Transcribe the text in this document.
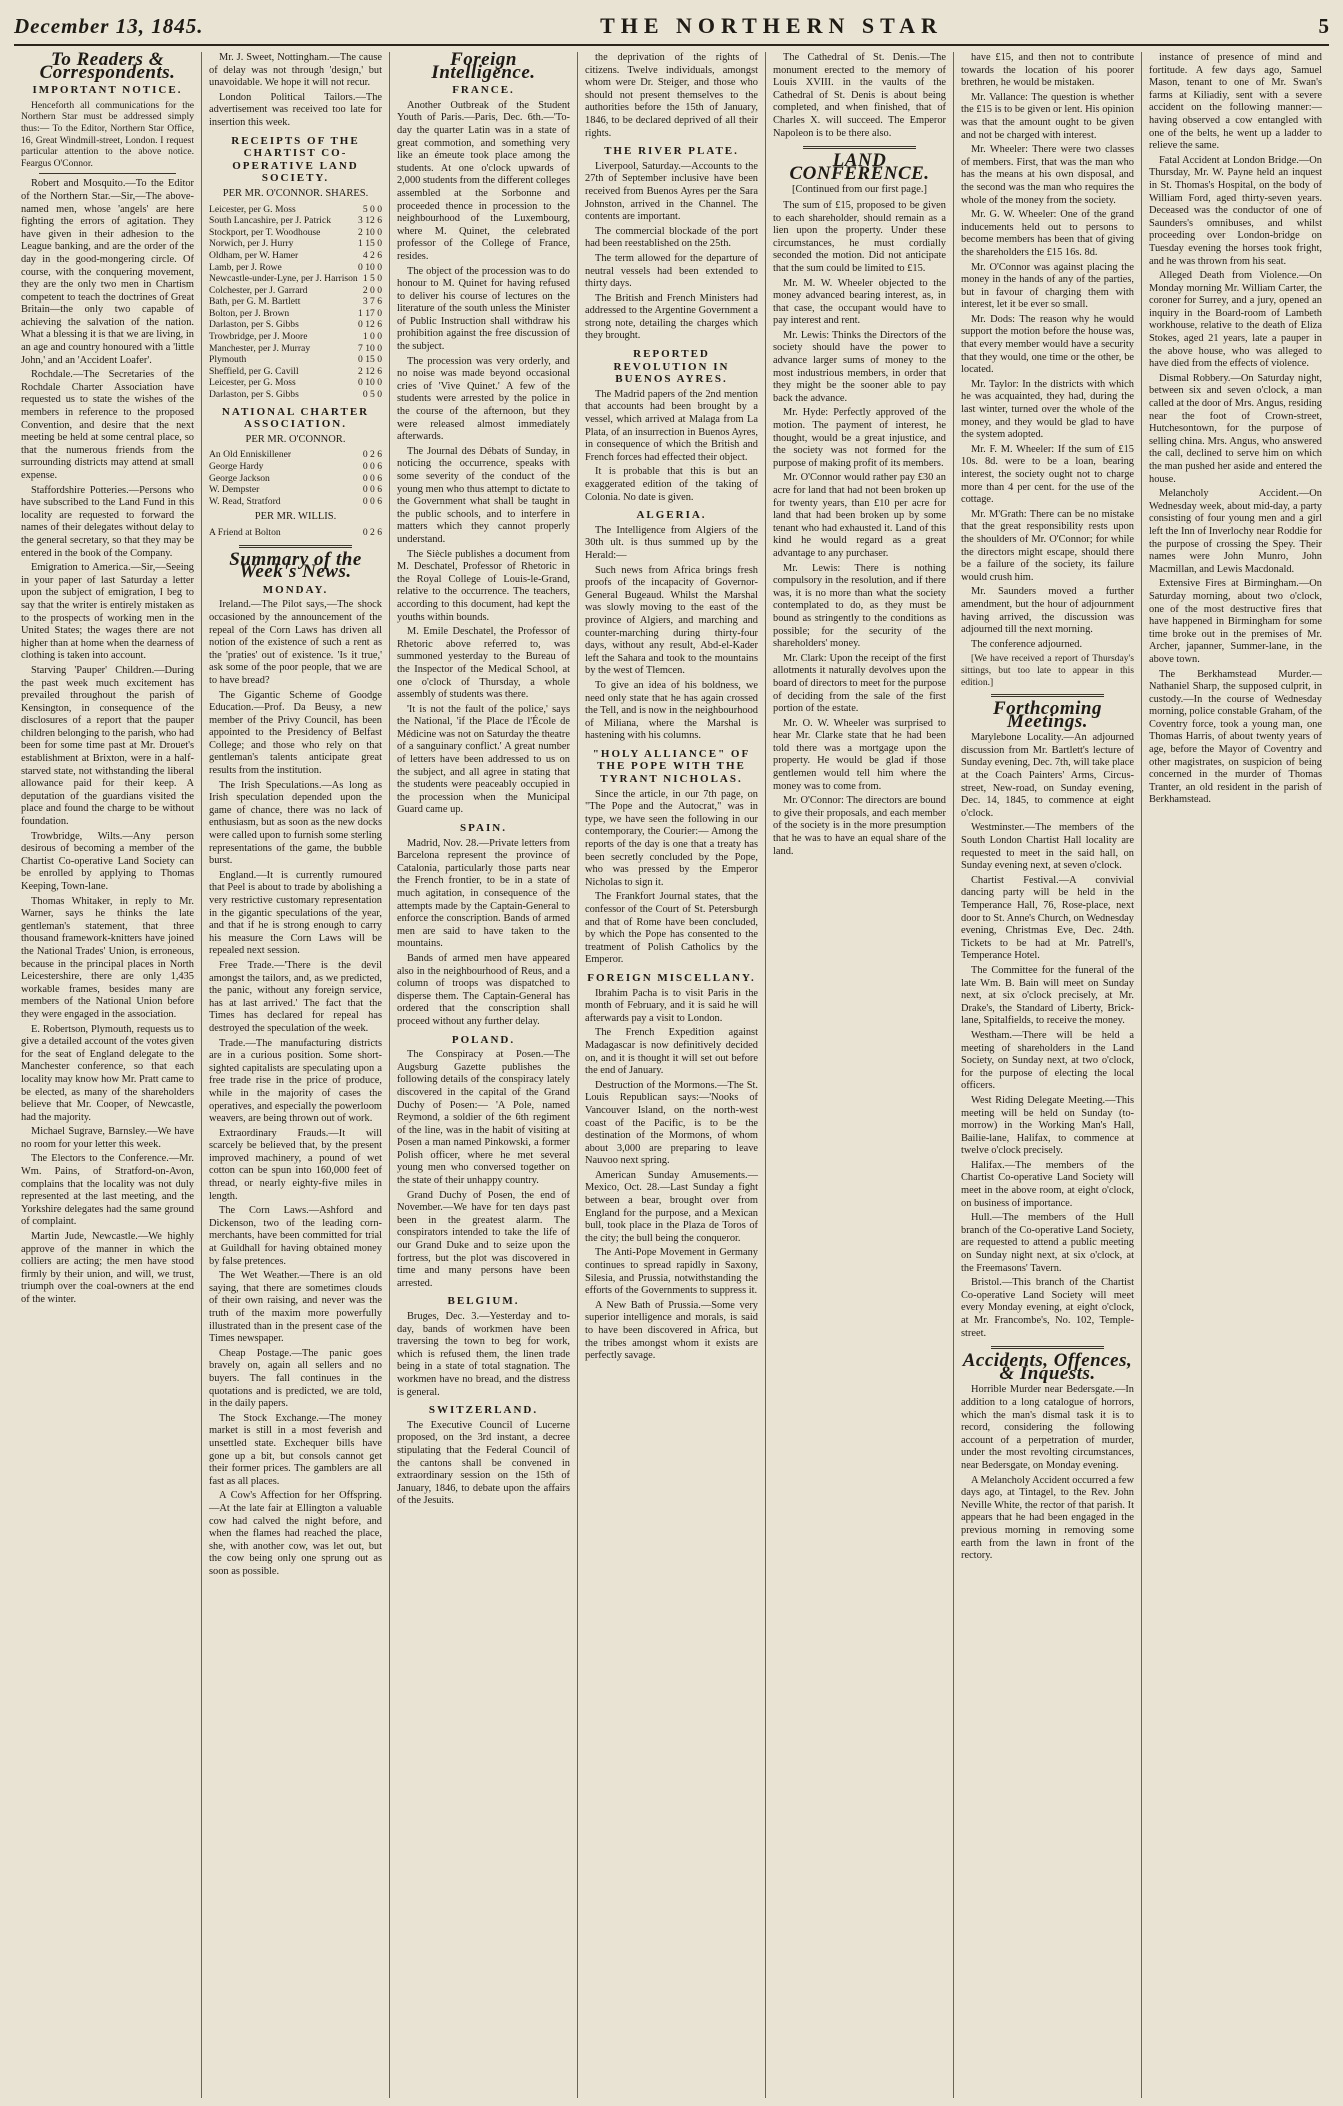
December 13, 1845.	THE NORTHERN STAR	5
To Readers & Correspondents.
IMPORTANT NOTICE.

Henceforth all communications for the Northern Star must be addressed simply thus:— To the Editor, Northern Star Office, 16, Great Windmill-street, London. I request particular attention to the above notice. Feargus O'Connor.

Robert and Mosquito.—To the Editor of the Northern Star.—Sir,—The above-named men, whose 'angels' are here fighting the errors of agitation. They have given in their adhesion to the League banking, and are the order of the day in the good-mongering circle. Of course, with the conquering movement, they are the only two men in Chartism competent to teach the doctrines of Great Britain—the only two capable of achieving the salvation of the nation. What a blessing it is that we are living, in an age and country honoured with a 'little John,' and an 'Accident Loafer'.

Rochdale.—The Secretaries of the Rochdale Charter Association have requested us to state the wishes of the members in reference to the proposed Convention, and desire that the next meeting be held at some central place, so that the numerous friends from the surrounding districts may attend at small expense.

Staffordshire Potteries.—Persons who have subscribed to the Land Fund in this locality are requested to forward the names of their delegates without delay to the general secretary, so that they may be entered in the book of the Company.

Emigration to America.—Sir,—Seeing in your paper of last Saturday a letter upon the subject of emigration, I beg to say that the writer is entirely mistaken as to the prospects of working men in the United States; the wages there are not higher than at home when the dearness of clothing is taken into account.

Starving 'Pauper' Children.—During the past week much excitement has prevailed throughout the parish of Kensington, in consequence of the disclosures of a report that the pauper children belonging to the parish, who had been for some time past at Mr. Drouet's establishment at Brixton, were in a half-starved state, not withstanding the liberal allowance paid for their keep. A deputation of the guardians visited the place and found the charge to be without foundation.

Trowbridge, Wilts.—Any person desirous of becoming a member of the Chartist Co-operative Land Society can be enrolled by applying to Thomas Keeping, Town-lane.

Thomas Whitaker, in reply to Mr. Warner, says he thinks the late gentleman's statement, that three thousand framework-knitters have joined the National Trades' Union, is erroneous, because in the principal places in North Leicestershire, there are only 1,435 workable frames, besides many are members of the National Union before they were engaged in the association.

E. Robertson, Plymouth, requests us to give a detailed account of the votes given for the seat of England delegate to the Manchester conference, so that each locality may know how Mr. Pratt came to be elected, as many of the shareholders believe that Mr. Cooper, of Newcastle, had the majority.

Michael Sugrave, Barnsley.—We have no room for your letter this week.

The Electors to the Conference.—Mr. Wm. Pains, of Stratford-on-Avon, complains that the locality was not duly represented at the last meeting, and the Yorkshire delegates had the same ground of complaint.

Martin Jude, Newcastle.—We highly approve of the manner in which the colliers are acting; the men have stood firmly by their union, and will, we trust, triumph over the coal-owners at the end of the winter.

Mr. J. Sweet, Nottingham.—The cause of delay was not through 'design,' but unavoidable. We hope it will not recur.

London Political Tailors.—The advertisement was received too late for insertion this week.

RECEIPTS OF THE CHARTIST CO-OPERATIVE LAND SOCIETY.
PER MR. O'CONNOR. SHARES.
Leicester, per G. Moss	5 0 0
South Lancashire, per J. Patrick	3 12 6
Stockport, per T. Woodhouse	2 10 0
Norwich, per J. Hurry	1 15 0
Oldham, per W. Hamer	4 2 6
Lamb, per J. Rowe	0 10 0
Newcastle-under-Lyne, per J. Harrison	1 5 0
Colchester, per J. Garrard	2 0 0
Bath, per G. M. Bartlett	3 7 6
Bolton, per J. Brown	1 17 0
Darlaston, per S. Gibbs	0 12 6
Trowbridge, per J. Moore	1 0 0
Manchester, per J. Murray	7 10 0
Plymouth	0 15 0
Sheffield, per G. Cavill	2 12 6
Leicester, per G. Moss	0 10 0
Darlaston, per S. Gibbs	0 5 0
NATIONAL CHARTER ASSOCIATION.
PER MR. O'CONNOR.
An Old Enniskillener	0 2 6
George Hardy	0 0 6
George Jackson	0 0 6
W. Dempster	0 0 6
W. Read, Stratford	0 0 6
PER MR. WILLIS.
A Friend at Bolton	0 2 6
Summary of the Week's News.
MONDAY.

Ireland.—The Pilot says,—The shock occasioned by the announcement of the repeal of the Corn Laws has driven all notion of the existence of such a rent as the 'praties' out of existence. 'Is it true,' ask some of the poor people, that we are to have bread?

The Gigantic Scheme of Goodge Education.—Prof. Da Beusy, a new member of the Privy Council, has been appointed to the Presidency of Belfast College; and those who rely on that gentleman's talents anticipate great results from the institution.

The Irish Speculations.—As long as Irish speculation depended upon the game of chance, there was no lack of enthusiasm, but as soon as the new docks were called upon to furnish some sterling representations of the game, the bubble burst.

England.—It is currently rumoured that Peel is about to trade by abolishing a very restrictive customary representation in the gigantic speculations of the year, and that if he is strong enough to carry his measure the Corn Laws will be repealed next session.

Free Trade.—'There is the devil amongst the tailors, and, as we predicted, the panic, without any foreign service, has at last arrived.' The fact that the Times has declared for repeal has destroyed the speculation of the week.

Trade.—The manufacturing districts are in a curious position. Some short-sighted capitalists are speculating upon a free trade rise in the price of produce, while in the majority of cases the operatives, and especially the powerloom weavers, are being thrown out of work.

Extraordinary Frauds.—It will scarcely be believed that, by the present improved machinery, a pound of wet cotton can be spun into 160,000 feet of thread, or nearly eighty-five miles in length.

The Corn Laws.—Ashford and Dickenson, two of the leading corn-merchants, have been committed for trial at Guildhall for having obtained money by false pretences.

The Wet Weather.—There is an old saying, that there are sometimes clouds of their own raising, and never was the truth of the maxim more powerfully illustrated than in the present case of the Times newspaper.

Cheap Postage.—The panic goes bravely on, again all sellers and no buyers. The fall continues in the quotations and is predicted, we are told, in the daily papers.

The Stock Exchange.—The money market is still in a most feverish and unsettled state. Exchequer bills have gone up a bit, but consols cannot get their former prices. The gamblers are all fast as all places.

A Cow's Affection for her Offspring.—At the late fair at Ellington a valuable cow had calved the night before, and when the flames had reached the place, she, with another cow, was let out, but the cow being only one sprung out as soon as possible.

Foreign Intelligence.
FRANCE.

Another Outbreak of the Student Youth of Paris.—Paris, Dec. 6th.—'To-day the quarter Latin was in a state of great commotion, and something very like an émeute took place among the students. At one o'clock upwards of 2,000 students from the different colleges assembled at the Sorbonne and proceeded thence in procession to the neighbourhood of the Luxembourg, where M. Quinet, the celebrated professor of the College of France, resides.

The object of the procession was to do honour to M. Quinet for having refused to deliver his course of lectures on the literature of the south unless the Minister of Public Instruction shall withdraw his prohibition against the free discussion of the subject.

The procession was very orderly, and no noise was made beyond occasional cries of 'Vive Quinet.' A few of the students were arrested by the police in the course of the afternoon, but they were released almost immediately afterwards.

The Journal des Débats of Sunday, in noticing the occurrence, speaks with some severity of the conduct of the young men who thus attempt to dictate to the Government what shall be taught in the public schools, and to interfere in matters which they cannot properly understand.

The Siècle publishes a document from M. Deschatel, Professor of Rhetoric in the Royal College of Louis-le-Grand, relative to the occurrence. The teachers, according to this document, had kept the youths within bounds.

M. Emile Deschatel, the Professor of Rhetoric above referred to, was summoned yesterday to the Bureau of the Inspector of the Medical School, at one o'clock of Thursday, a whole assembly of students was there.

'It is not the fault of the police,' says the National, 'if the Place de l'École de Médicine was not on Saturday the theatre of a sanguinary conflict.' A great number of letters have been addressed to us on the subject, and all agree in stating that the students were peaceably occupied in the procession when the Municipal Guard came up.

SPAIN.

Madrid, Nov. 28.—Private letters from Barcelona represent the province of Catalonia, particularly those parts near the French frontier, to be in a state of much agitation, in consequence of the attempts made by the Captain-General to enforce the conscription. Bands of armed men are said to have taken to the mountains.

Bands of armed men have appeared also in the neighbourhood of Reus, and a column of troops was dispatched to disperse them. The Captain-General has ordered that the conscription shall proceed without any further delay.

POLAND.

The Conspiracy at Posen.—The Augsburg Gazette publishes the following details of the conspiracy lately discovered in the capital of the Grand Duchy of Posen:— 'A Pole, named Reymond, a soldier of the 6th regiment of the line, was in the habit of visiting at Posen a man named Pinkowski, a former Polish officer, where he met several young men who conversed together on the state of their unhappy country.

Grand Duchy of Posen, the end of November.—We have for ten days past been in the greatest alarm. The conspirators intended to take the life of our Grand Duke and to seize upon the fortress, but the plot was discovered in time and many persons have been arrested.

BELGIUM.

Bruges, Dec. 3.—Yesterday and to-day, bands of workmen have been traversing the town to beg for work, which is refused them, the linen trade being in a state of total stagnation. The workmen have no bread, and the distress is general.

SWITZERLAND.

The Executive Council of Lucerne proposed, on the 3rd instant, a decree stipulating that the Federal Council of the cantons shall be convened in extraordinary session on the 15th of January, 1846, to debate upon the affairs of the Jesuits.

the deprivation of the rights of citizens. Twelve individuals, amongst whom were Dr. Steiger, and those who should not present themselves to the authorities before the 15th of January, 1846, to be declared deprived of all their rights.

THE RIVER PLATE.

Liverpool, Saturday.—Accounts to the 27th of September inclusive have been received from Buenos Ayres per the Sara Johnston, arrived in the Channel. The contents are important.

The commercial blockade of the port had been reestablished on the 25th.

The term allowed for the departure of neutral vessels had been extended to thirty days.

The British and French Ministers had addressed to the Argentine Government a strong note, detailing the charges which they brought.

REPORTED REVOLUTION IN BUENOS AYRES.

The Madrid papers of the 2nd mention that accounts had been brought by a vessel, which arrived at Malaga from La Plata, of an insurrection in Buenos Ayres, in consequence of which the British and French forces had effected their object.

It is probable that this is but an exaggerated edition of the taking of Colonia. No date is given.

ALGERIA.

The Intelligence from Algiers of the 30th ult. is thus summed up by the Herald:—

Such news from Africa brings fresh proofs of the incapacity of Governor-General Bugeaud. Whilst the Marshal was slowly moving to the east of the province of Algiers, and marching and counter-marching during thirty-four days, without any result, Abd-el-Kader left the Sahara and took to the mountains by the west of Tlemcen.

To give an idea of his boldness, we need only state that he has again crossed the Tell, and is now in the neighbourhood of Miliana, where the Marshal is hastening with his columns.

"HOLY ALLIANCE" OF THE POPE WITH THE TYRANT NICHOLAS.

Since the article, in our 7th page, on "The Pope and the Autocrat," was in type, we have seen the following in our contemporary, the Courier:— Among the reports of the day is one that a treaty has been secretly concluded by the Pope, who was pressed by the Emperor Nicholas to sign it.

The Frankfort Journal states, that the confessor of the Court of St. Petersburgh and that of Rome have been concluded, by which the Pope has consented to the treatment of Polish Catholics by the Emperor.

FOREIGN MISCELLANY.

Ibrahim Pacha is to visit Paris in the month of February, and it is said he will afterwards pay a visit to London.

The French Expedition against Madagascar is now definitively decided on, and it is thought it will set out before the end of January.

Destruction of the Mormons.—The St. Louis Republican says:—'Nooks of Vancouver Island, on the north-west coast of the Pacific, is to be the destination of the Mormons, of whom about 3,000 are preparing to leave Nauvoo next spring.

American Sunday Amusements.—Mexico, Oct. 28.—Last Sunday a fight between a bear, brought over from England for the purpose, and a Mexican bull, took place in the Plaza de Toros of the city; the bull being the conqueror.

The Anti-Pope Movement in Germany continues to spread rapidly in Saxony, Silesia, and Prussia, notwithstanding the efforts of the Governments to suppress it.

A New Bath of Prussia.—Some very superior intelligence and morals, is said to have been discovered in Africa, but the tribes amongst whom it exists are perfectly savage.

The Cathedral of St. Denis.—The monument erected to the memory of Louis XVIII. in the vaults of the Cathedral of St. Denis is about being completed, and when finished, that of Charles X. will succeed. The Emperor Napoleon is to be there also.

LAND CONFERENCE.
[Continued from our first page.]

The sum of £15, proposed to be given to each shareholder, should remain as a lien upon the property. Under these circumstances, he must cordially seconded the motion. Did not anticipate that the sum could be limited to £15.

Mr. M. W. Wheeler objected to the money advanced bearing interest, as, in that case, the occupant would have to pay interest and rent.

Mr. Lewis: Thinks the Directors of the society should have the power to advance larger sums of money to the most industrious members, in order that they might be the sooner able to pay back the advance.

Mr. Hyde: Perfectly approved of the motion. The payment of interest, he thought, would be a great injustice, and the society was not formed for the purpose of making profit of its members.

Mr. O'Connor would rather pay £30 an acre for land that had not been broken up for twenty years, than £10 per acre for land that had been broken up by some tenant who had exhausted it. Land of this kind he would regard as a great advantage to any purchaser.

Mr. Lewis: There is nothing compulsory in the resolution, and if there was, it is no more than what the society contemplated to do, as they must be bound as stringently to the conditions as possible; for the security of the shareholders' money.

Mr. Clark: Upon the receipt of the first allotments it naturally devolves upon the board of directors to meet for the purpose of deciding from the sale of the first portion of the estate.

Mr. O. W. Wheeler was surprised to hear Mr. Clarke state that he had been told there was a mortgage upon the property. He would be glad if those gentlemen would tell him where the money was to come from.

Mr. O'Connor: The directors are bound to give their proposals, and each member of the society is in the more presumption that he was to have an equal share of the land.

have £15, and then not to contribute towards the location of his poorer brethren, he would be mistaken.

Mr. Vallance: The question is whether the £15 is to be given or lent. His opinion was that the amount ought to be given and not be charged with interest.

Mr. Wheeler: There were two classes of members. First, that was the man who has the means at his own disposal, and the second was the man who requires the whole of the money from the society.

Mr. G. W. Wheeler: One of the grand inducements held out to persons to become members has been that of giving the shareholders the £15 16s. 8d.

Mr. O'Connor was against placing the money in the hands of any of the parties, but in favour of charging them with interest, let it be ever so small.

Mr. Dods: The reason why he would support the motion before the house was, that every member would have a security that they would, one time or the other, be located.

Mr. Taylor: In the districts with which he was acquainted, they had, during the last winter, turned over the whole of the money, and they would be glad to have the system adopted.

Mr. F. M. Wheeler: If the sum of £15 10s. 8d. were to be a loan, bearing interest, the society ought not to charge more than 4 per cent. for the use of the cottage.

Mr. M'Grath: There can be no mistake that the great responsibility rests upon the shoulders of Mr. O'Connor; for while the directors might escape, should there be a failure of the society, its failure would crush him.

Mr. Saunders moved a further amendment, but the hour of adjournment having arrived, the discussion was adjourned till the next morning.

The conference adjourned.

[We have received a report of Thursday's sittings, but too late to appear in this edition.]

Forthcoming Meetings.

Marylebone Locality.—An adjourned discussion from Mr. Bartlett's lecture of Sunday evening, Dec. 7th, will take place at the Coach Painters' Arms, Circus-street, New-road, on Sunday evening, Dec. 14, 1845, to commence at eight o'clock.

Westminster.—The members of the South London Chartist Hall locality are requested to meet in the said hall, on Sunday evening next, at seven o'clock.

Chartist Festival.—A convivial dancing party will be held in the Temperance Hall, 76, Rose-place, next door to St. Anne's Church, on Wednesday evening, Christmas Eve, Dec. 24th. Tickets to be had at Mr. Patrell's, Temperance Hotel.

The Committee for the funeral of the late Wm. B. Bain will meet on Sunday next, at six o'clock precisely, at Mr. Drake's, the Standard of Liberty, Brick-lane, Spitalfields, to receive the money.

Westham.—There will be held a meeting of shareholders in the Land Society, on Sunday next, at two o'clock, for the purpose of electing the local officers.

West Riding Delegate Meeting.—This meeting will be held on Sunday (to-morrow) in the Working Man's Hall, Bailie-lane, Halifax, to commence at twelve o'clock precisely.

Halifax.—The members of the Chartist Co-operative Land Society will meet in the above room, at eight o'clock, on business of importance.

Hull.—The members of the Hull branch of the Co-operative Land Society, are requested to attend a public meeting on Sunday night next, at six o'clock, at the Freemasons' Tavern.

Bristol.—This branch of the Chartist Co-operative Land Society will meet every Monday evening, at eight o'clock, at Mr. Francombe's, No. 102, Temple-street.

Accidents, Offences, & Inquests.

Horrible Murder near Bedersgate.—In addition to a long catalogue of horrors, which the man's dismal task it is to record, considering the following account of a perpetration of murder, under the most revolting circumstances, near Bedersgate, on Monday evening.

A Melancholy Accident occurred a few days ago, at Tintagel, to the Rev. John Neville White, the rector of that parish. It appears that he had been engaged in the previous morning in removing some earth from the lawn in front of the rectory.

instance of presence of mind and fortitude. A few days ago, Samuel Mason, tenant to one of Mr. Swan's farms at Kiliadiy, sent with a severe accident on the following manner:—having observed a cow entangled with one of the belts, he went up a ladder to relieve the same.

Fatal Accident at London Bridge.—On Thursday, Mr. W. Payne held an inquest in St. Thomas's Hospital, on the body of William Ford, aged thirty-seven years. Deceased was the conductor of one of Saunders's omnibuses, and whilst proceeding over London-bridge on Tuesday evening the horses took fright, and he was thrown from his seat.

Alleged Death from Violence.—On Monday morning Mr. William Carter, the coroner for Surrey, and a jury, opened an inquiry in the Board-room of Lambeth workhouse, relative to the death of Eliza Stokes, aged 21 years, late a pauper in the above house, who was alleged to have died from the effects of violence.

Dismal Robbery.—On Saturday night, between six and seven o'clock, a man called at the door of Mrs. Angus, residing near the foot of Crown-street, Hutchesontown, for the purpose of selling china. Mrs. Angus, who answered the call, declined to serve him on which the man pushed her aside and entered the house.

Melancholy Accident.—On Wednesday week, about mid-day, a party consisting of four young men and a girl left the Inn of Inverlochy near Roddie for the purpose of crossing the Spey. Their names were John Munro, John Macmillan, and Lewis Macdonald.

Extensive Fires at Birmingham.—On Saturday morning, about two o'clock, one of the most destructive fires that have happened in Birmingham for some time broke out in the premises of Mr. Archer, japanner, Summer-lane, in the above town.

The Berkhamstead Murder.—Nathaniel Sharp, the supposed culprit, in custody.—In the course of Wednesday morning, police constable Graham, of the Coventry force, took a young man, one Thomas Harris, of about twenty years of age, before the Mayor of Coventry and other magistrates, on suspicion of being concerned in the murder of Thomas Tranter, an old resident in the parish of Berkhamstead.
